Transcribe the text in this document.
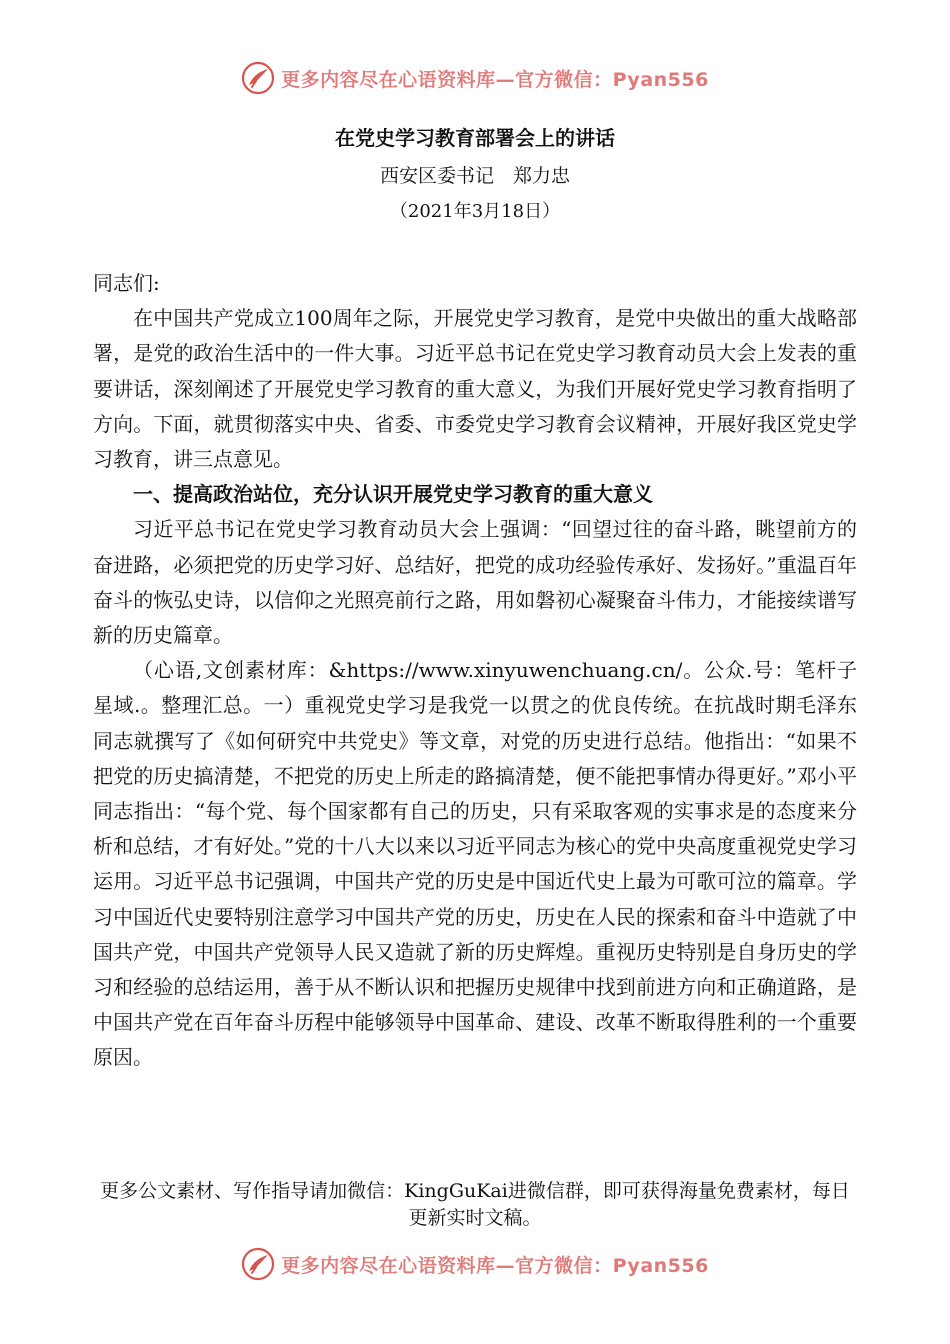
更多内容尽在心语资料库—官方微信：Pyan556
在党史学习教育部署会上的讲话

西安区委书记　郑力忠

（2021年3月18日）

同志们:

在中国共产党成立100周年之际，开展党史学习教育，是党中央做出的重大战略部署，是党的政治生活中的一件大事。习近平总书记在党史学习教育动员大会上发表的重要讲话，深刻阐述了开展党史学习教育的重大意义，为我们开展好党史学习教育指明了方向。下面，就贯彻落实中央、省委、市委党史学习教育会议精神，开展好我区党史学习教育，讲三点意见。

一、提高政治站位，充分认识开展党史学习教育的重大意义

习近平总书记在党史学习教育动员大会上强调：“回望过往的奋斗路，眺望前方的奋进路，必须把党的历史学习好、总结好，把党的成功经验传承好、发扬好。”重温百年奋斗的恢弘史诗，以信仰之光照亮前行之路，用如磐初心凝聚奋斗伟力，才能接续谱写新的历史篇章。

（心语,文创素材库：&https://www.xinyuwenchuang.cn/。公众.号：笔杆子星域.。整理汇总。一）重视党史学习是我党一以贯之的优良传统。在抗战时期毛泽东同志就撰写了《如何研究中共党史》等文章，对党的历史进行总结。他指出：“如果不把党的历史搞清楚，不把党的历史上所走的路搞清楚，便不能把事情办得更好。”邓小平同志指出：“每个党、每个国家都有自己的历史，只有采取客观的实事求是的态度来分析和总结，才有好处。”党的十八大以来以习近平同志为核心的党中央高度重视党史学习运用。习近平总书记强调，中国共产党的历史是中国近代史上最为可歌可泣的篇章。学习中国近代史要特别注意学习中国共产党的历史，历史在人民的探索和奋斗中造就了中国共产党，中国共产党领导人民又造就了新的历史辉煌。重视历史特别是自身历史的学习和经验的总结运用，善于从不断认识和把握历史规律中找到前进方向和正确道路，是中国共产党在百年奋斗历程中能够领导中国革命、建设、改革不断取得胜利的一个重要原因。

更多公文素材、写作指导请加微信：KingGuKai进微信群，即可获得海量免费素材，每日更新实时文稿。

更多内容尽在心语资料库—官方微信：Pyan556
